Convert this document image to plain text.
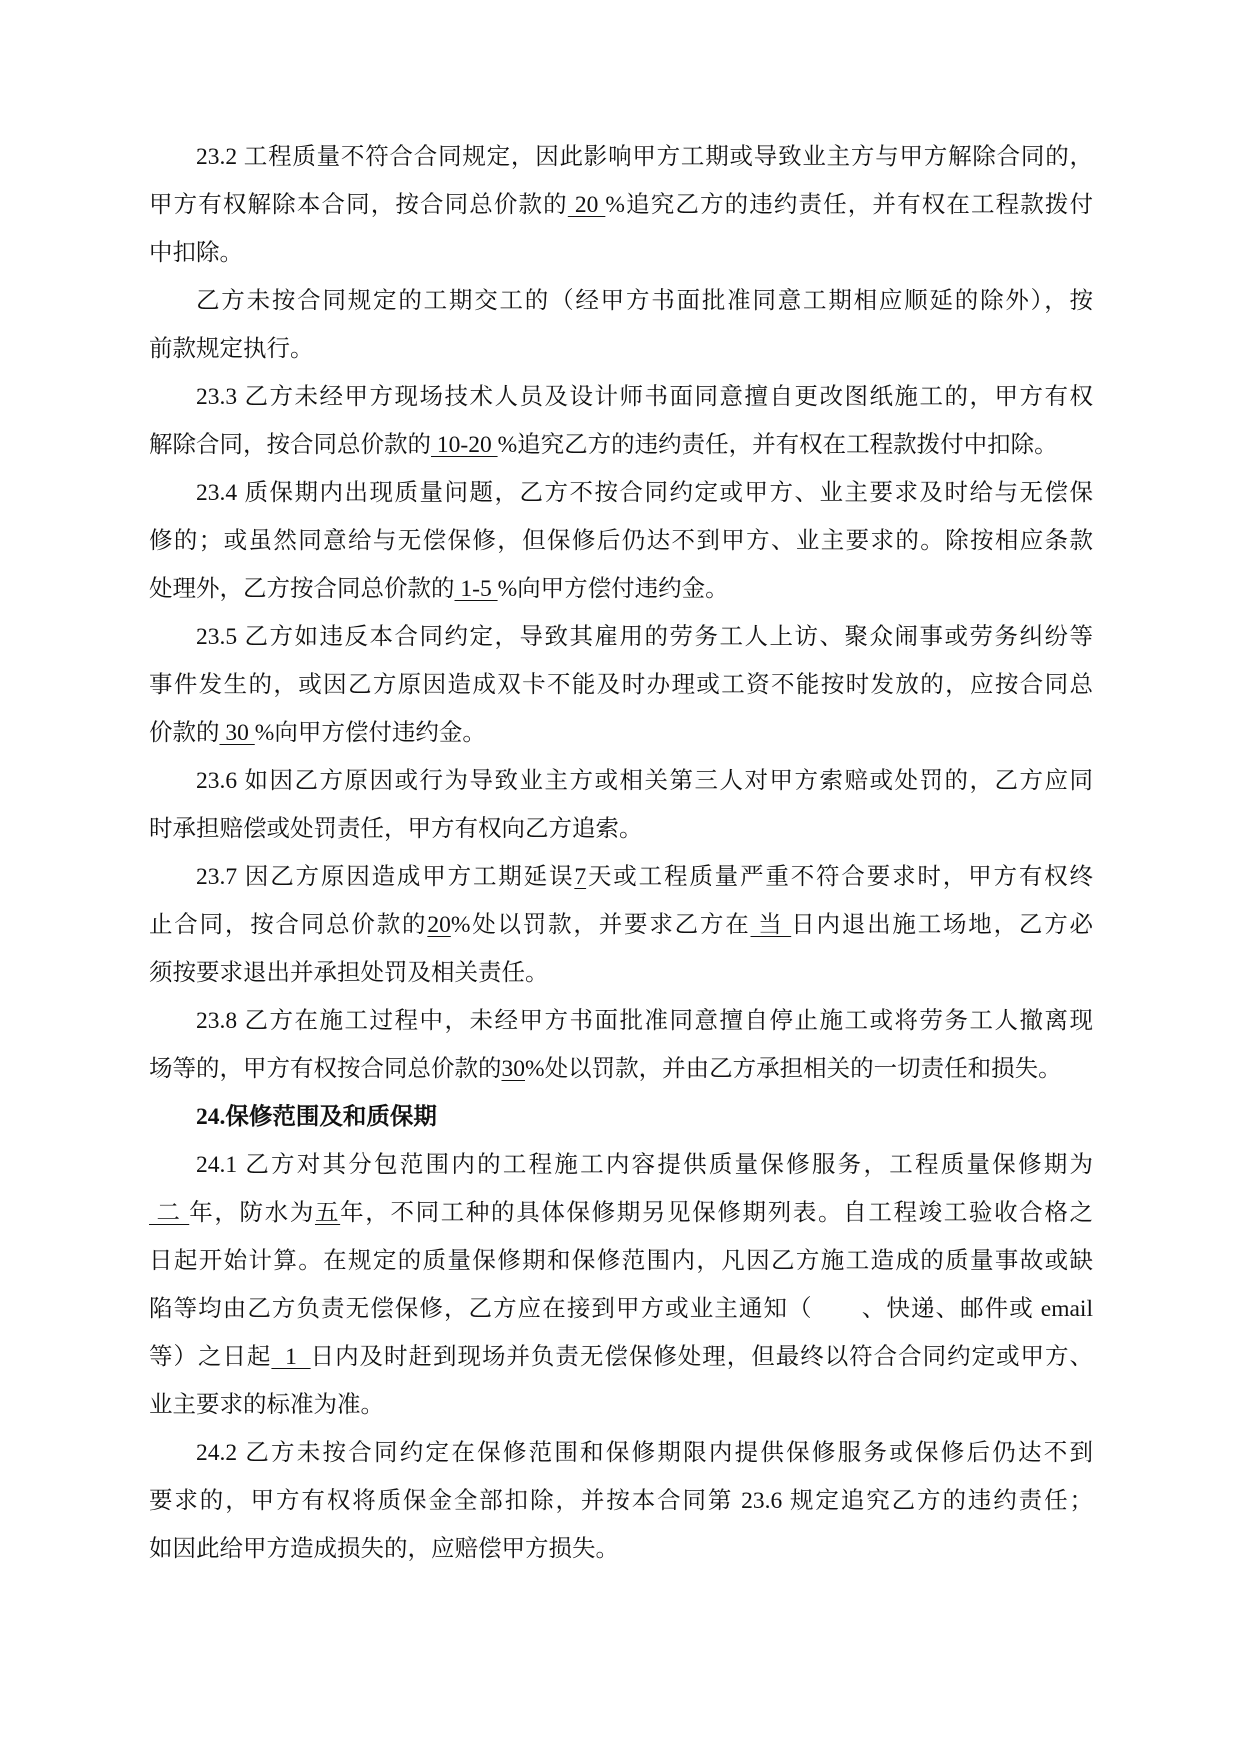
23.2 工程质量不符合合同规定，因此影响甲方工期或导致业主方与甲方解除合同的，
甲方有权解除本合同，按合同总价款的 20 %追究乙方的违约责任，并有权在工程款拨付
中扣除。
乙方未按合同规定的工期交工的（经甲方书面批准同意工期相应顺延的除外），按
前款规定执行。
23.3 乙方未经甲方现场技术人员及设计师书面同意擅自更改图纸施工的，甲方有权
解除合同，按合同总价款的 10-20 %追究乙方的违约责任，并有权在工程款拨付中扣除。
23.4 质保期内出现质量问题，乙方不按合同约定或甲方、业主要求及时给与无偿保
修的；或虽然同意给与无偿保修，但保修后仍达不到甲方、业主要求的。除按相应条款
处理外，乙方按合同总价款的 1-5 %向甲方偿付违约金。
23.5 乙方如违反本合同约定，导致其雇用的劳务工人上访、聚众闹事或劳务纠纷等
事件发生的，或因乙方原因造成双卡不能及时办理或工资不能按时发放的，应按合同总
价款的 30 %向甲方偿付违约金。
23.6 如因乙方原因或行为导致业主方或相关第三人对甲方索赔或处罚的，乙方应同
时承担赔偿或处罚责任，甲方有权向乙方追索。
23.7 因乙方原因造成甲方工期延误7天或工程质量严重不符合要求时，甲方有权终
止合同，按合同总价款的20%处以罚款，并要求乙方在 当 日内退出施工场地，乙方必
须按要求退出并承担处罚及相关责任。
23.8 乙方在施工过程中，未经甲方书面批准同意擅自停止施工或将劳务工人撤离现
场等的，甲方有权按合同总价款的30%处以罚款，并由乙方承担相关的一切责任和损失。
24.保修范围及和质保期
24.1 乙方对其分包范围内的工程施工内容提供质量保修服务，工程质量保修期为
二 年，防水为五年，不同工种的具体保修期另见保修期列表。自工程竣工验收合格之
日起开始计算。在规定的质量保修期和保修范围内，凡因乙方施工造成的质量事故或缺
陷等均由乙方负责无偿保修，乙方应在接到甲方或业主通知（　　、快递、邮件或 email
等）之日起  1  日内及时赶到现场并负责无偿保修处理，但最终以符合合同约定或甲方、
业主要求的标准为准。
24.2 乙方未按合同约定在保修范围和保修期限内提供保修服务或保修后仍达不到
要求的，甲方有权将质保金全部扣除，并按本合同第 23.6 规定追究乙方的违约责任；
如因此给甲方造成损失的，应赔偿甲方损失。
